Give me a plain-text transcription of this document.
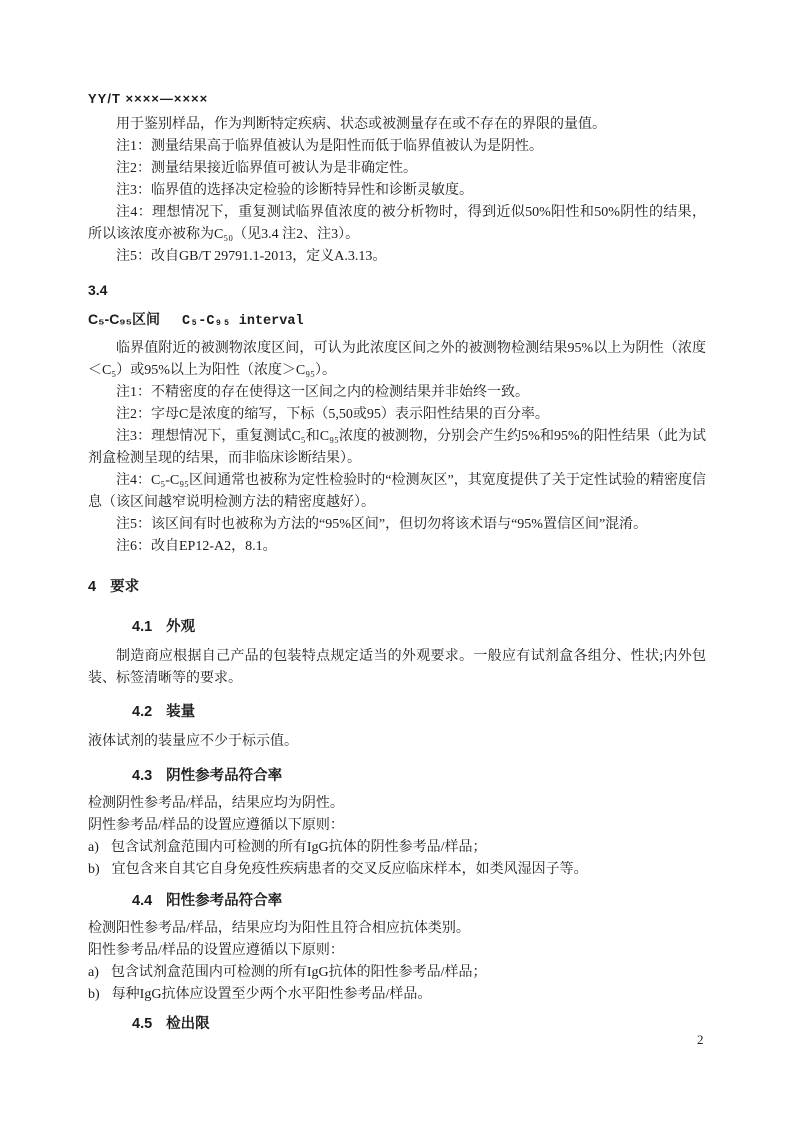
YY/T ××××—××××

用于鉴别样品，作为判断特定疾病、状态或被测量存在或不存在的界限的量值。

注1：测量结果高于临界值被认为是阳性而低于临界值被认为是阴性。

注2：测量结果接近临界值可被认为是非确定性。

注3：临界值的选择决定检验的诊断特异性和诊断灵敏度。

注4：理想情况下，重复测试临界值浓度的被分析物时，得到近似50%阳性和50%阴性的结果，所以该浓度亦被称为C₅₀（见3.4 注2、注3）。

注5：改自GB/T 29791.1-2013，定义A.3.13。

3.4

C₅-C₉₅区间 C₅-C₉₅ interval

临界值附近的被测物浓度区间，可认为此浓度区间之外的被测物检测结果95%以上为阴性（浓度＜C₅）或95%以上为阳性（浓度＞C₉₅）。

注1：不精密度的存在使得这一区间之内的检测结果并非始终一致。

注2：字母C是浓度的缩写，下标（5,50或95）表示阳性结果的百分率。

注3：理想情况下，重复测试C₅和C₉₅浓度的被测物，分别会产生约5%和95%的阳性结果（此为试剂盒检测呈现的结果，而非临床诊断结果）。

注4：C₅-C₉₅区间通常也被称为定性检验时的“检测灰区”，其宽度提供了关于定性试验的精密度信息（该区间越窄说明检测方法的精密度越好）。

注5：该区间有时也被称为方法的“95%区间”，但切勿将该术语与“95%置信区间”混淆。

注6：改自EP12-A2，8.1。

4 要求

4.1 外观

制造商应根据自己产品的包装特点规定适当的外观要求。一般应有试剂盒各组分、性状;内外包装、标签清晰等的要求。

4.2 装量

液体试剂的装量应不少于标示值。

4.3 阴性参考品符合率

检测阴性参考品/样品，结果应均为阴性。

阴性参考品/样品的设置应遵循以下原则：

a) 包含试剂盒范围内可检测的所有IgG抗体的阴性参考品/样品；

b) 宜包含来自其它自身免疫性疾病患者的交叉反应临床样本，如类风湿因子等。

4.4 阳性参考品符合率

检测阳性参考品/样品，结果应均为阳性且符合相应抗体类别。

阳性参考品/样品的设置应遵循以下原则：

a) 包含试剂盒范围内可检测的所有IgG抗体的阳性参考品/样品；

b) 每种IgG抗体应设置至少两个水平阳性参考品/样品。

4.5 检出限

2
